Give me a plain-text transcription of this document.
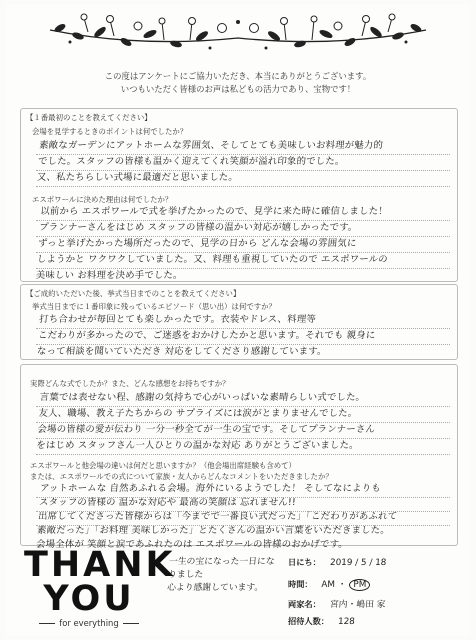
この度はアンケートにご協力いただき、本当にありがとうございます。
いつもいただく皆様のお声は私どもの活力であり、宝物です！
【１番最初のことを教えてください】
会場を見学するときのポイントは何でしたか？
素敵なガーデンにアットホームな雰囲気、そしてとても美味しいお料理が魅力的
でした。スタッフの皆様も温かく迎えてくれ笑顔が溢れ印象的でした。
又、私たちらしい式場に最適だと思いました。
エスポワールに決めた理由は何でしたか？
以前から エスポワールで式を挙げたかったので、見学に来た時に確信しました！
プランナーさんをはじめ スタッフの皆様の温かい対応が嬉しかったです。
ずっと挙げたかった場所だったので、見学の日から どんな会場の雰囲気に
しようかと ワクワクしていました。又、料理も重視していたので エスポワールの
美味しい お料理を決め手でした。
【ご成約いただいた後、挙式当日までのことを教えてください】
挙式当日までに１番印象に残っているエピソード（思い出）は何ですか？
打ち合わせが毎回とても楽しかったです。衣装やドレス、料理等
こだわりが多かったので、ご迷惑をおかけしたかと思います。それでも 親身に
なって相談を聞いていただき 対応をしてくださり感謝しています。
実際どんな式でしたか？また、どんな感想をお持ちですか？
言葉では表せない程、感謝の気持ちで心がいっぱいな素晴らしい式でした。
友人、職場、教え子たちからの サプライズには涙がとまりませんでした。
会場の皆様の愛が伝わり 一分一秒全てが一生の宝です。そしてプランナーさん
をはじめ スタッフさん一人ひとりの温かな対応 ありがとうございました。
エスポワールと他会場の違いは何だと思いますか？（他会場出席経験も含めて）
または、エスポワールでの式について家族・友人からどんなコメントをいただきましたか？
アットホームな 自然あふれる会場。海外にいるようでした！ そしてなによりも
スタッフの皆様の 温かな対応や 最高の笑顔は 忘れません!!
出席してくださった皆様からは「今までで一番良い式だった」「こだわりがあふれて
素敵だった」「お料理 美味しかった」とたくさんの温かい言葉をいただきました。
会場全体が 笑顔と涙であふれたのは エスポワールの皆様のおかげです。
THANK
YOU
for everything
一生の宝になった一日になりました
心より感謝しています。
日にち： 2019 / 5 / 18
時間： AM ・ PM
両家名： 宮内・嶋田 家
招待人数： 128
